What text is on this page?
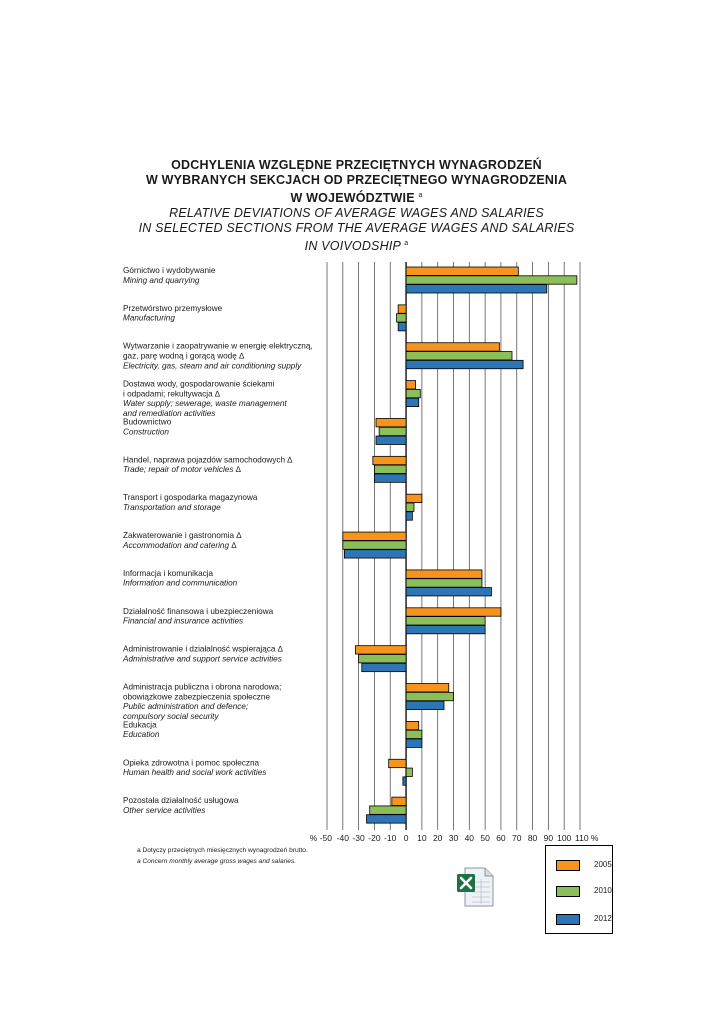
ODCHYLENIA WZGLĘDNE PRZECIĘTNYCH WYNAGRODZEŃ

W WYBRANYCH SEKCJACH OD PRZECIĘTNEGO WYNAGRODZENIA

W WOJEWÓDZTWIE $^a$

RELATIVE DEVIATIONS OF AVERAGE WAGES AND SALARIES

IN SELECTED SECTIONS FROM THE AVERAGE WAGES AND SALARIES

IN VOIVODSHIP $^a$

% -50 -40 -30 -20 -10 0 10 20 30 40 50 60 70 80 90 100 110 %
Górnictwo i wydobywanie
Mining and quarrying
Przetwórstwo przemysłowe
Manufacturing
Wytwarzanie i zaopatrywanie w energię elektryczną,
gaz, parę wodną i gorącą wodę ∆
Electricity, gas, steam and air conditioning supply
Dostawa wody, gospodarowanie ściekami
i odpadami; rekultywacja ∆
Water supply; sewerage, waste management
and remediation activities
Budownictwo
Construction
Handel, naprawa pojazdów samochodowych ∆
Trade; repair of motor vehicles ∆
Transport i gospodarka magazynowa
Transportation and storage
Zakwaterowanie i gastronomia ∆
Accommodation and catering ∆
Informacja i komunikacja
Information and communication
Działalność finansowa i ubezpieczeniowa
Financial and insurance activities
Administrowanie i działalność wspierająca ∆
Administrative and support service activities
Administracja publiczna i obrona narodowa;
obowiązkowe zabezpieczenia społeczne
Public administration and defence;
compulsory social security
Edukacja
Education
Opieka zdrowotna i pomoc społeczna
Human health and social work activities
Pozostała działalność usługowa
Other service activities
a Dotyczy przeciętnych miesięcznych wynagrodzeń brutto.
a Concern monthly average gross wages and salaries.	2005
2010
2012
